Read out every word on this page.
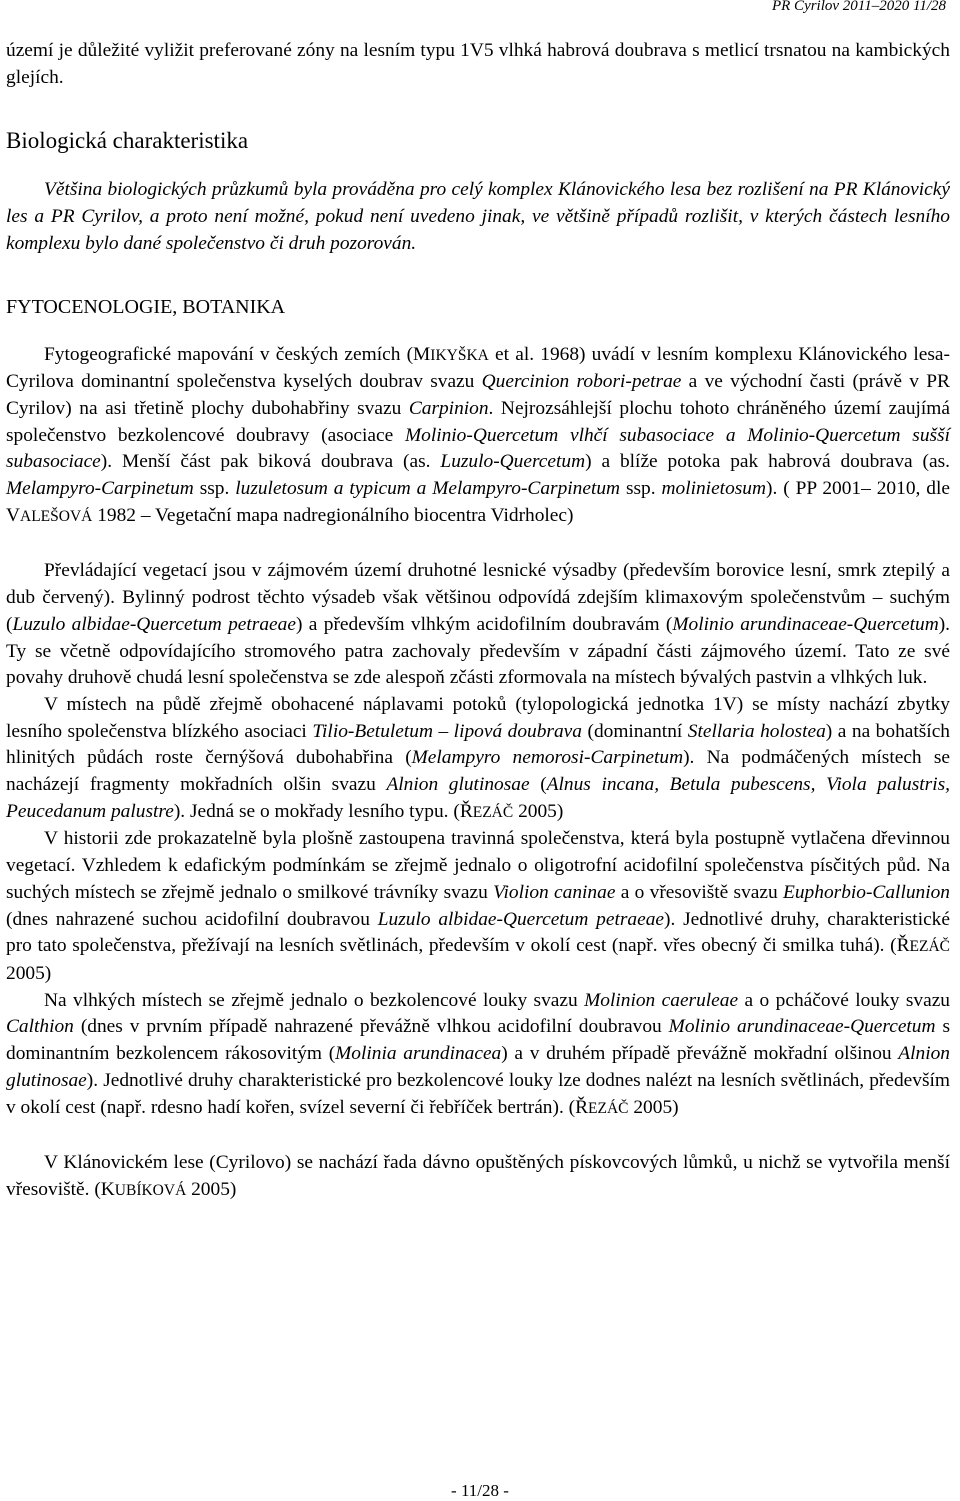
PR Cyrilov 2011–2020 11/28

území je důležité vyližit preferované zóny na lesním typu 1V5 vlhká habrová doubrava s metlicí trsnatou na kambických glejích.

Biologická charakteristika

Většina biologických průzkumů byla prováděna pro celý komplex Klánovického lesa bez rozlišení na PR Klánovický les a PR Cyrilov, a proto není možné, pokud není uvedeno jinak, ve většině případů rozlišit, v kterých částech lesního komplexu bylo dané společenstvo či druh pozorován.

FYTOCENOLOGIE, BOTANIKA

Fytogeografické mapování v českých zemích (MIKYŠKA et al. 1968) uvádí v lesním komplexu Klánovického lesa-Cyrilova dominantní společenstva kyselých doubrav svazu Quercinion robori-petrae a ve východní časti (právě v PR Cyrilov) na asi třetině plochy dubohabřiny svazu Carpinion. Nejrozsáhlejší plochu tohoto chráněného území zaujímá společenstvo bezkolencové doubravy (asociace Molinio-Quercetum vlhčí subasociace a Molinio-Quercetum sušší subasociace). Menší část pak biková doubrava (as. Luzulo-Quercetum) a blíže potoka pak habrová doubrava (as. Melampyro-Carpinetum ssp. luzuletosum a typicum a Melampyro-Carpinetum ssp. molinietosum). ( PP 2001– 2010, dle VALEŠOVÁ 1982 – Vegetační mapa nadregionálního biocentra Vidrholec)

Převládající vegetací jsou v zájmovém území druhotné lesnické výsadby (především borovice lesní, smrk ztepilý a dub červený). Bylinný podrost těchto výsadeb však většinou odpovídá zdejším klimaxovým společenstvům – suchým (Luzulo albidae-Quercetum petraeae) a především vlhkým acidofilním doubravám (Molinio arundinaceae-Quercetum). Ty se včetně odpovídajícího stromového patra zachovaly především v západní části zájmového území. Tato ze své povahy druhově chudá lesní společenstva se zde alespoň zčásti zformovala na místech bývalých pastvin a vlhkých luk.

V místech na půdě zřejmě obohacené náplavami potoků (tylopologická jednotka 1V) se místy nachází zbytky lesního společenstva blízkého asociaci Tilio-Betuletum – lipová doubrava (dominantní Stellaria holostea) a na bohatších hlinitých půdách roste černýšová dubohabřina (Melampyro nemorosi-Carpinetum). Na podmáčených místech se nacházejí fragmenty mokřadních olšin svazu Alnion glutinosae (Alnus incana, Betula pubescens, Viola palustris, Peucedanum palustre). Jedná se o mokřady lesního typu. (ŘEZÁČ 2005)

V historii zde prokazatelně byla plošně zastoupena travinná společenstva, která byla postupně vytlačena dřevinnou vegetací. Vzhledem k edafickým podmínkám se zřejmě jednalo o oligotrofní acidofilní společenstva písčitých půd. Na suchých místech se zřejmě jednalo o smilkové trávníky svazu Violion caninae a o vřesoviště svazu Euphorbio-Callunion (dnes nahrazené suchou acidofilní doubravou Luzulo albidae-Quercetum petraeae). Jednotlivé druhy, charakteristické pro tato společenstva, přežívají na lesních světlinách, především v okolí cest (např. vřes obecný či smilka tuhá). (ŘEZÁČ 2005)

Na vlhkých místech se zřejmě jednalo o bezkolencové louky svazu Molinion caeruleae a o pcháčové louky svazu Calthion (dnes v prvním případě nahrazené převážně vlhkou acidofilní doubravou Molinio arundinaceae-Quercetum s dominantním bezkolencem rákosovitým (Molinia arundinacea) a v druhém případě převážně mokřadní olšinou Alnion glutinosae). Jednotlivé druhy charakteristické pro bezkolencové louky lze dodnes nalézt na lesních světlinách, především v okolí cest (např. rdesno hadí kořen, svízel severní či řebříček bertrán). (ŘEZÁČ 2005)

V Klánovickém lese (Cyrilovo) se nachází řada dávno opuštěných pískovcových lůmků, u nichž se vytvořila menší vřesoviště. (KUBÍKOVÁ 2005)

- 11/28 -
